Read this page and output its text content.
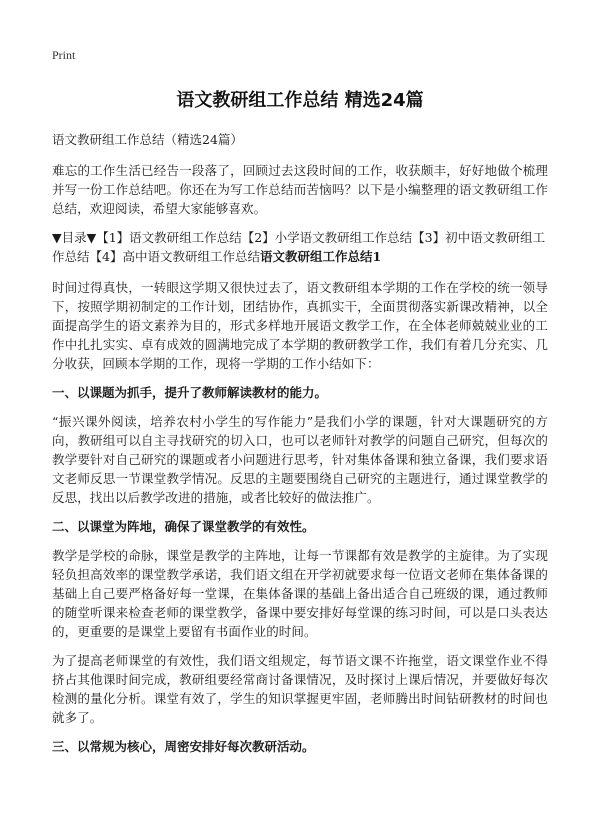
Print
语文教研组工作总结 精选24篇
语文教研组工作总结（精选24篇）

难忘的工作生活已经告一段落了，回顾过去这段时间的工作，收获颇丰，好好地做个梳理并写一份工作总结吧。你还在为写工作总结而苦恼吗？以下是小编整理的语文教研组工作总结，欢迎阅读，希望大家能够喜欢。

▼目录▼【1】语文教研组工作总结【2】小学语文教研组工作总结【3】初中语文教研组工作总结【4】高中语文教研组工作总结语文教研组工作总结1

时间过得真快，一转眼这学期又很快过去了，语文教研组本学期的工作在学校的统一领导下，按照学期初制定的工作计划，团结协作，真抓实干，全面贯彻落实新课改精神，以全面提高学生的语文素养为目的，形式多样地开展语文教学工作，在全体老师兢兢业业的工作中扎扎实实、卓有成效的圆满地完成了本学期的教研教学工作，我们有着几分充实、几分收获，回顾本学期的工作，现将一学期的工作小结如下：

一、以课题为抓手，提升了教师解读教材的能力。

“振兴课外阅读，培养农村小学生的写作能力”是我们小学的课题，针对大课题研究的方向，教研组可以自主寻找研究的切入口，也可以老师针对教学的问题自己研究，但每次的教学要针对自己研究的课题或者小问题进行思考，针对集体备课和独立备课，我们要求语文老师反思一节课堂教学情况。反思的主题要围绕自己研究的主题进行，通过课堂教学的反思，找出以后教学改进的措施，或者比较好的做法推广。

二、以课堂为阵地，确保了课堂教学的有效性。

教学是学校的命脉，课堂是教学的主阵地，让每一节课都有效是教学的主旋律。为了实现轻负担高效率的课堂教学承诺，我们语文组在开学初就要求每一位语文老师在集体备课的基础上自己要严格备好每一堂课，在集体备课的基础上备出适合自己班级的课，通过教师的随堂听课来检查老师的课堂教学，备课中要安排好每堂课的练习时间，可以是口头表达的，更重要的是课堂上要留有书面作业的时间。

为了提高老师课堂的有效性，我们语文组规定，每节语文课不许拖堂，语文课堂作业不得挤占其他课时间完成，教研组要经常商讨备课情况，及时探讨上课后情况，并要做好每次检测的量化分析。课堂有效了，学生的知识掌握更牢固，老师腾出时间钻研教材的时间也就多了。

三、以常规为核心，周密安排好每次教研活动。
